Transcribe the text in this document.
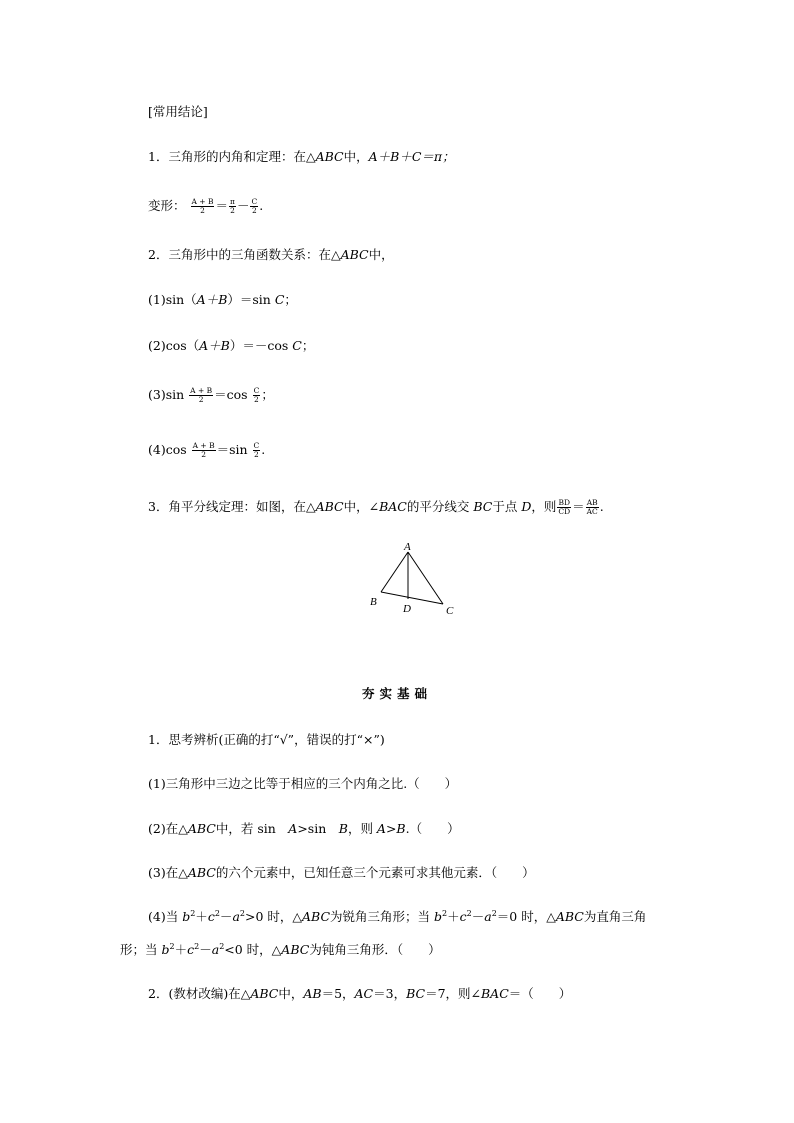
[常用结论]
1．三角形的内角和定理：在△ABC中，A＋B＋C＝π；
变形： $\frac{A + B}{2} = \frac{\pi}{2} - \frac{C}{2}$ .
2．三角形中的三角函数关系：在△ABC中，
(1)sin（A＋B）＝sin C；
(2)cos（A＋B）＝－cos C；
$(3)\sin \frac{A + B}{2} =\cos \frac{C}{2}$ ；
$(4)\cos \frac{A + B}{2} =\sin \frac{C}{2}$ .
3．角平分线定理：如图，在△ABC中，∠BAC的平分线交 BC于点 D，则 $\frac{BD}{CD} = \frac{AB}{AC}$ .
A
B
C
D
夯实基础
1．思考辨析(正确的打“√”，错误的打“×”)
(1)三角形中三边之比等于相应的三个内角之比.（　　）
(2)在△ABC中，若 sin　A>sin　B，则 A>B.（　　）
(3)在△ABC的六个元素中，已知任意三个元素可求其他元素．（　　）
(4)当 $b^2+c^2-a^2>0$ 时，△ABC为锐角三角形；当 $b^2+c^2-a^2=0$ 时，△ABC为直角三角
形；当 $b^2+c^2-a^2<0$ 时，△ABC为钝角三角形．（　　）
2．(教材改编)在△ABC中，AB＝5，AC＝3，BC＝7，则∠BAC＝（　　）
